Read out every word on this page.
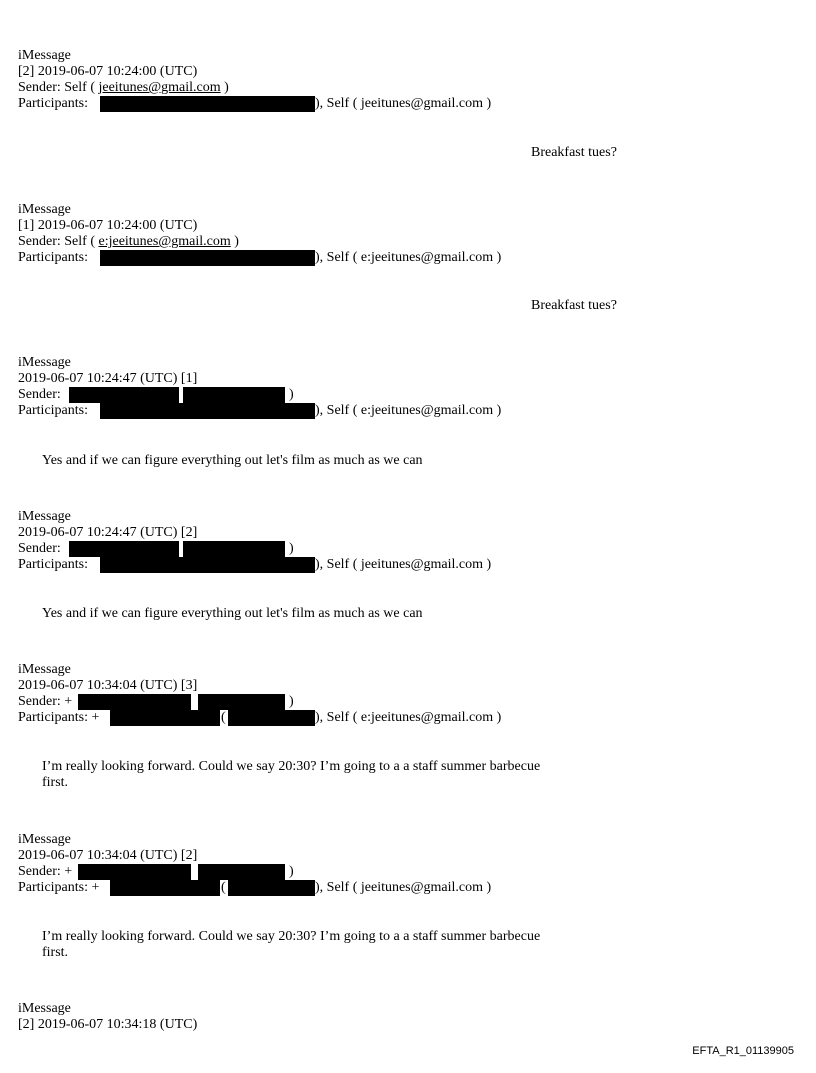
iMessage
[2] 2019-06-07 10:24:00 (UTC)
Sender: Self ( jeeitunes@gmail.com )
Participants:	), Self ( jeeitunes@gmail.com )
Breakfast tues?
iMessage
[1] 2019-06-07 10:24:00 (UTC)
Sender: Self ( e:jeeitunes@gmail.com )
Participants:	), Self ( e:jeeitunes@gmail.com )
Breakfast tues?
iMessage
2019-06-07 10:24:47 (UTC) [1]
Sender:	)
Participants:	), Self ( e:jeeitunes@gmail.com )
Yes and if we can figure everything out let's film as much as we can
iMessage
2019-06-07 10:24:47 (UTC) [2]
Sender:	)
Participants:	), Self ( jeeitunes@gmail.com )
Yes and if we can figure everything out let's film as much as we can
iMessage
2019-06-07 10:34:04 (UTC) [3]
Sender: +	)
Participants: +	(	), Self ( e:jeeitunes@gmail.com )
I’m really looking forward. Could we say 20:30? I’m going to a a staff summer barbecue
first.
iMessage
2019-06-07 10:34:04 (UTC) [2]
Sender: +	)
Participants: +	(	), Self ( jeeitunes@gmail.com )
I’m really looking forward. Could we say 20:30? I’m going to a a staff summer barbecue
first.
iMessage
[2] 2019-06-07 10:34:18 (UTC)
EFTA_R1_01139905
